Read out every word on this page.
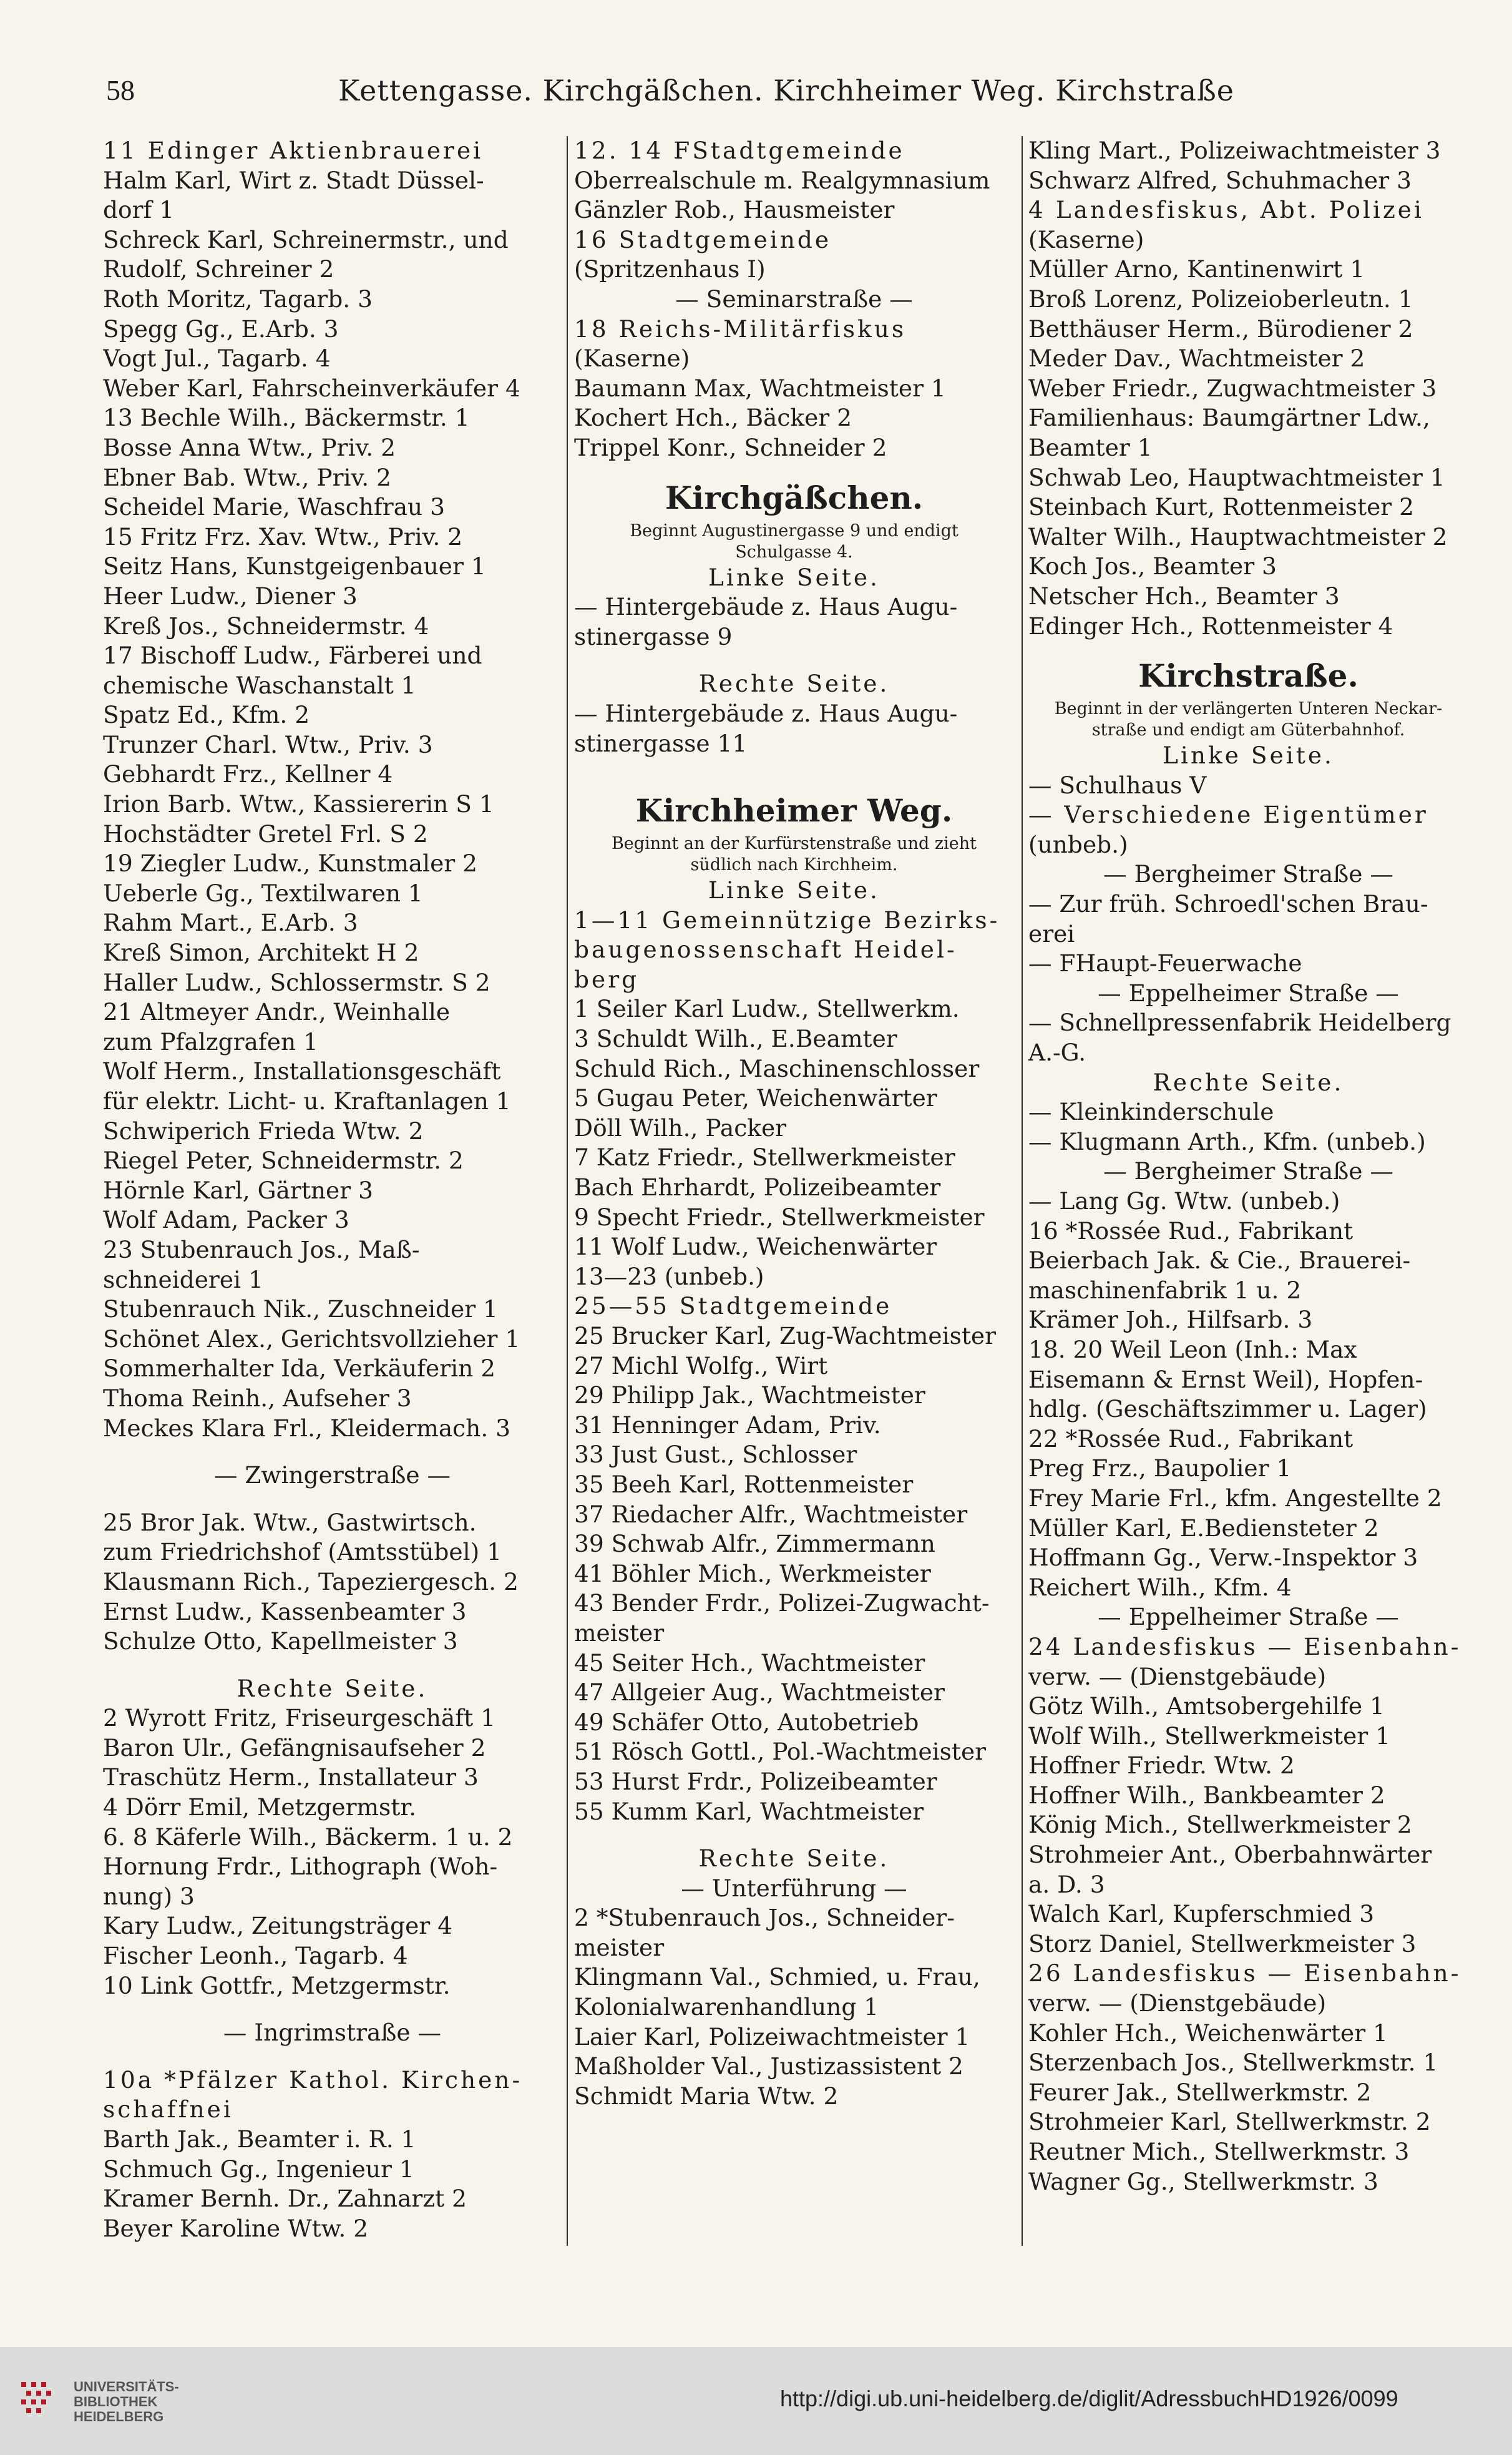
58	Kettengasse. Kirchgäßchen. Kirchheimer Weg. Kirchstraße
11 Edinger Aktienbrauerei
Halm Karl, Wirt z. Stadt Düssel-
dorf 1
Schreck Karl, Schreinermstr., und
Rudolf, Schreiner 2
Roth Moritz, Tagarb. 3
Spegg Gg., E.Arb. 3
Vogt Jul., Tagarb. 4
Weber Karl, Fahrscheinverkäufer 4
13 Bechle Wilh., Bäckermstr. 1
Bosse Anna Wtw., Priv. 2
Ebner Bab. Wtw., Priv. 2
Scheidel Marie, Waschfrau 3
15 Fritz Frz. Xav. Wtw., Priv. 2
Seitz Hans, Kunstgeigenbauer 1
Heer Ludw., Diener 3
Kreß Jos., Schneidermstr. 4
17 Bischoff Ludw., Färberei und
chemische Waschanstalt 1
Spatz Ed., Kfm. 2
Trunzer Charl. Wtw., Priv. 3
Gebhardt Frz., Kellner 4
Irion Barb. Wtw., Kassiererin S 1
Hochstädter Gretel Frl. S 2
19 Ziegler Ludw., Kunstmaler 2
Ueberle Gg., Textilwaren 1
Rahm Mart., E.Arb. 3
Kreß Simon, Architekt H 2
Haller Ludw., Schlossermstr. S 2
21 Altmeyer Andr., Weinhalle
zum Pfalzgrafen 1
Wolf Herm., Installationsgeschäft
für elektr. Licht- u. Kraftanlagen 1
Schwiperich Frieda Wtw. 2
Riegel Peter, Schneidermstr. 2
Hörnle Karl, Gärtner 3
Wolf Adam, Packer 3
23 Stubenrauch Jos., Maß-
schneiderei 1
Stubenrauch Nik., Zuschneider 1
Schönet Alex., Gerichtsvollzieher 1
Sommerhalter Ida, Verkäuferin 2
Thoma Reinh., Aufseher 3
Meckes Klara Frl., Kleidermach. 3
— Zwingerstraße —
25 Bror Jak. Wtw., Gastwirtsch.
zum Friedrichshof (Amtsstübel) 1
Klausmann Rich., Tapeziergesch. 2
Ernst Ludw., Kassenbeamter 3
Schulze Otto, Kapellmeister 3
Rechte Seite.
2 Wyrott Fritz, Friseurgeschäft 1
Baron Ulr., Gefängnisaufseher 2
Traschütz Herm., Installateur 3
4 Dörr Emil, Metzgermstr.
6. 8 Käferle Wilh., Bäckerm. 1 u. 2
Hornung Frdr., Lithograph (Woh-
nung) 3
Kary Ludw., Zeitungsträger 4
Fischer Leonh., Tagarb. 4
10 Link Gottfr., Metzgermstr.
— Ingrimstraße —
10a *Pfälzer Kathol. Kirchen-
schaffnei
Barth Jak., Beamter i. R. 1
Schmuch Gg., Ingenieur 1
Kramer Bernh. Dr., Zahnarzt 2
Beyer Karoline Wtw. 2
12. 14 FStadtgemeinde
Oberrealschule m. Realgymnasium
Gänzler Rob., Hausmeister
16 Stadtgemeinde
(Spritzenhaus I)
— Seminarstraße —
18 Reichs-Militärfiskus
(Kaserne)
Baumann Max, Wachtmeister 1
Kochert Hch., Bäcker 2
Trippel Konr., Schneider 2
Kirchgäßchen.
Beginnt Augustinergasse 9 und endigt
Schulgasse 4.
Linke Seite.
— Hintergebäude z. Haus Augu-
stinergasse 9
Rechte Seite.
— Hintergebäude z. Haus Augu-
stinergasse 11
Kirchheimer Weg.
Beginnt an der Kurfürstenstraße und zieht
südlich nach Kirchheim.
Linke Seite.
1—11 Gemeinnützige Bezirks-
baugenossenschaft Heidel-
berg
1 Seiler Karl Ludw., Stellwerkm.
3 Schuldt Wilh., E.Beamter
Schuld Rich., Maschinenschlosser
5 Gugau Peter, Weichenwärter
Döll Wilh., Packer
7 Katz Friedr., Stellwerkmeister
Bach Ehrhardt, Polizeibeamter
9 Specht Friedr., Stellwerkmeister
11 Wolf Ludw., Weichenwärter
13—23 (unbeb.)
25—55 Stadtgemeinde
25 Brucker Karl, Zug-Wachtmeister
27 Michl Wolfg., Wirt
29 Philipp Jak., Wachtmeister
31 Henninger Adam, Priv.
33 Just Gust., Schlosser
35 Beeh Karl, Rottenmeister
37 Riedacher Alfr., Wachtmeister
39 Schwab Alfr., Zimmermann
41 Böhler Mich., Werkmeister
43 Bender Frdr., Polizei-Zugwacht-
meister
45 Seiter Hch., Wachtmeister
47 Allgeier Aug., Wachtmeister
49 Schäfer Otto, Autobetrieb
51 Rösch Gottl., Pol.-Wachtmeister
53 Hurst Frdr., Polizeibeamter
55 Kumm Karl, Wachtmeister
Rechte Seite.
— Unterführung —
2 *Stubenrauch Jos., Schneider-
meister
Klingmann Val., Schmied, u. Frau,
Kolonialwarenhandlung 1
Laier Karl, Polizeiwachtmeister 1
Maßholder Val., Justizassistent 2
Schmidt Maria Wtw. 2
Kling Mart., Polizeiwachtmeister 3
Schwarz Alfred, Schuhmacher 3
4 Landesfiskus, Abt. Polizei
(Kaserne)
Müller Arno, Kantinenwirt 1
Broß Lorenz, Polizeioberleutn. 1
Betthäuser Herm., Bürodiener 2
Meder Dav., Wachtmeister 2
Weber Friedr., Zugwachtmeister 3
Familienhaus: Baumgärtner Ldw.,
Beamter 1
Schwab Leo, Hauptwachtmeister 1
Steinbach Kurt, Rottenmeister 2
Walter Wilh., Hauptwachtmeister 2
Koch Jos., Beamter 3
Netscher Hch., Beamter 3
Edinger Hch., Rottenmeister 4
Kirchstraße.
Beginnt in der verlängerten Unteren Neckar-
straße und endigt am Güterbahnhof.
Linke Seite.
— Schulhaus V
— Verschiedene Eigentümer
(unbeb.)
— Bergheimer Straße —
— Zur früh. Schroedl'schen Brau-
erei
— FHaupt-Feuerwache
— Eppelheimer Straße —
— Schnellpressenfabrik Heidelberg
A.-G.
Rechte Seite.
— Kleinkinderschule
— Klugmann Arth., Kfm. (unbeb.)
— Bergheimer Straße —
— Lang Gg. Wtw. (unbeb.)
16 *Rossée Rud., Fabrikant
Beierbach Jak. & Cie., Brauerei-
maschinenfabrik 1 u. 2
Krämer Joh., Hilfsarb. 3
18. 20 Weil Leon (Inh.: Max
Eisemann & Ernst Weil), Hopfen-
hdlg. (Geschäftszimmer u. Lager)
22 *Rossée Rud., Fabrikant
Preg Frz., Baupolier 1
Frey Marie Frl., kfm. Angestellte 2
Müller Karl, E.Bediensteter 2
Hoffmann Gg., Verw.-Inspektor 3
Reichert Wilh., Kfm. 4
— Eppelheimer Straße —
24 Landesfiskus — Eisenbahn-
verw. — (Dienstgebäude)
Götz Wilh., Amtsobergehilfe 1
Wolf Wilh., Stellwerkmeister 1
Hoffner Friedr. Wtw. 2
Hoffner Wilh., Bankbeamter 2
König Mich., Stellwerkmeister 2
Strohmeier Ant., Oberbahnwärter
a. D. 3
Walch Karl, Kupferschmied 3
Storz Daniel, Stellwerkmeister 3
26 Landesfiskus — Eisenbahn-
verw. — (Dienstgebäude)
Kohler Hch., Weichenwärter 1
Sterzenbach Jos., Stellwerkmstr. 1
Feurer Jak., Stellwerkmstr. 2
Strohmeier Karl, Stellwerkmstr. 2
Reutner Mich., Stellwerkmstr. 3
Wagner Gg., Stellwerkmstr. 3
UNIVERSITÄTS-
BIBLIOTHEK
HEIDELBERG
http://digi.ub.uni-heidelberg.de/diglit/AdressbuchHD1926/0099
